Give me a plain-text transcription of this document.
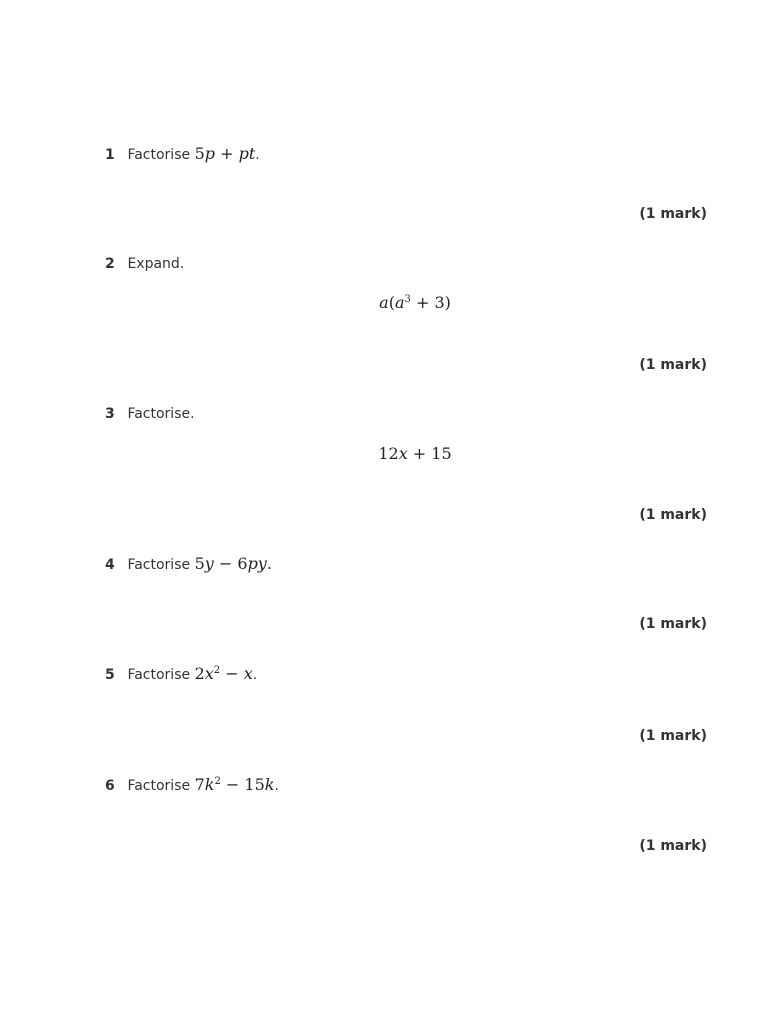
1 Factorise 5p + pt.
(1 mark)
2 Expand.
$a(a^3 + 3)$
(1 mark)
3 Factorise.
12x + 15
(1 mark)
4 Factorise 5y − 6py.
(1 mark)
5 Factorise $2x^2 - x$.
(1 mark)
6 Factorise $7k^2 - 15k$.
(1 mark)
